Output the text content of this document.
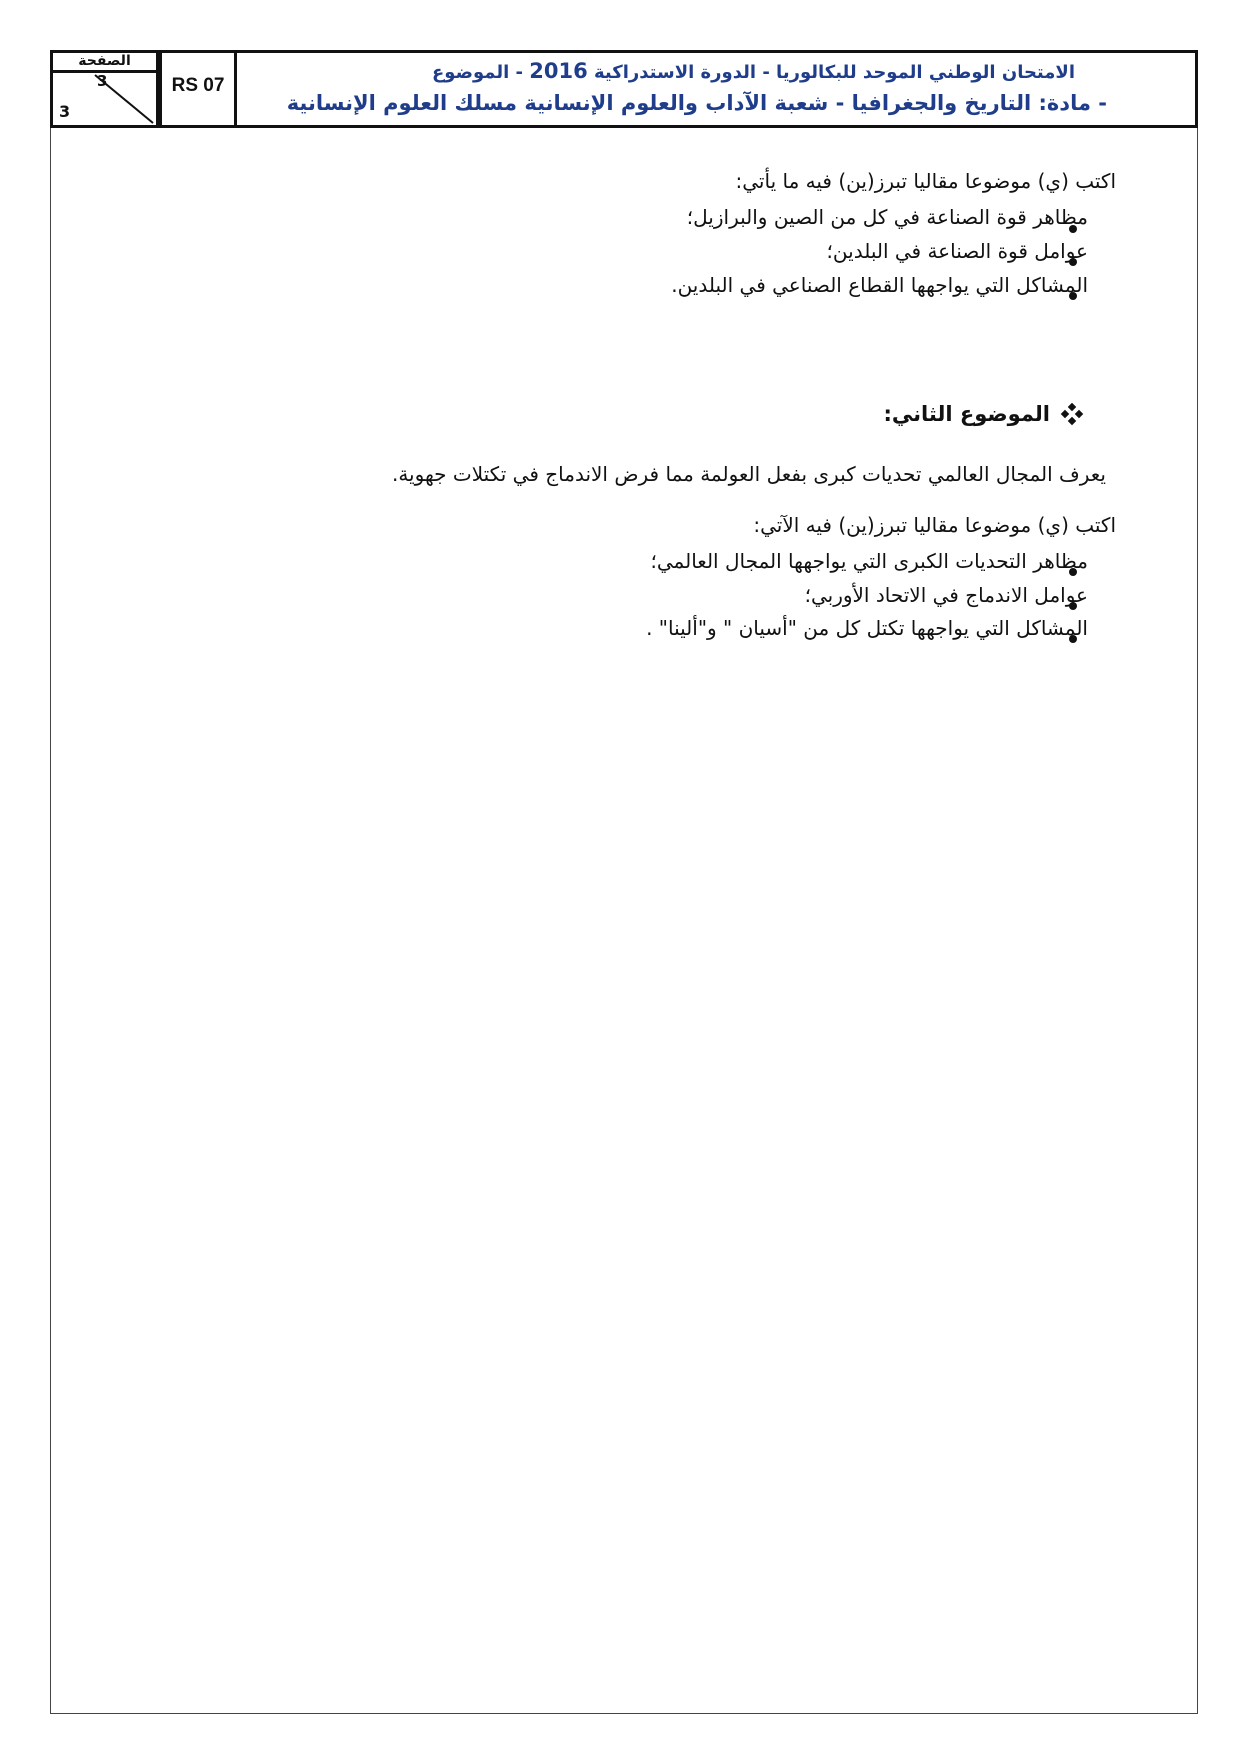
الصفحة
3
3
RS 07
الامتحان الوطني الموحد للبكالوريا - الدورة الاستدراكية 2016 - الموضوع
- مادة: التاريخ والجغرافيا - شعبة الآداب والعلوم الإنسانية مسلك العلوم الإنسانية
اكتب (ي) موضوعا مقاليا تبرز(ين) فيه ما يأتي:
مظاهر قوة الصناعة في كل من الصين والبرازيل؛
عوامل قوة الصناعة في البلدين؛
المشاكل التي يواجهها القطاع الصناعي في البلدين.
الموضوع الثاني:
يعرف المجال العالمي تحديات كبرى بفعل العولمة مما فرض الاندماج في تكتلات جهوية.
اكتب (ي) موضوعا مقاليا تبرز(ين) فيه الآتي:
مظاهر التحديات الكبرى التي يواجهها المجال العالمي؛
عوامل الاندماج في الاتحاد الأوربي؛
المشاكل التي يواجهها تكتل كل من "أسيان " و"ألينا" .
